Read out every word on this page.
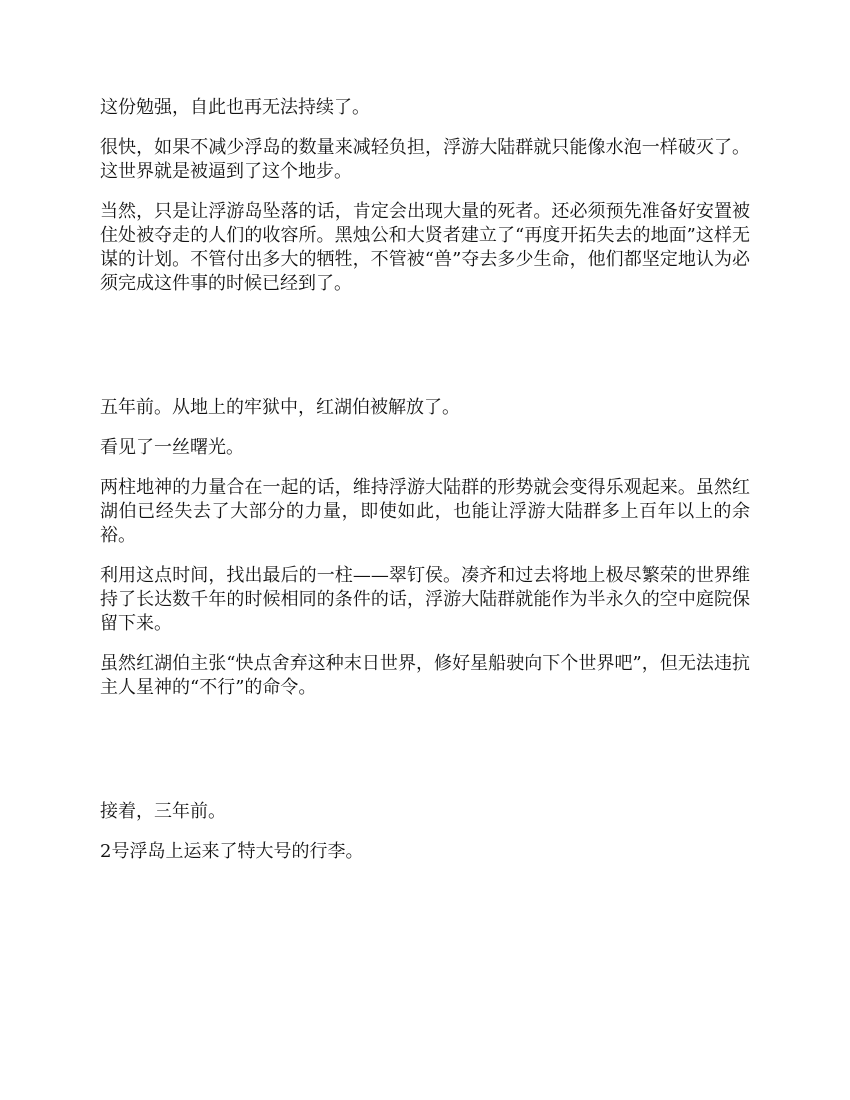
这份勉强，自此也再无法持续了。

很快，如果不减少浮岛的数量来减轻负担，浮游大陆群就只能像水泡一样破灭了。这世界就是被逼到了这个地步。

当然，只是让浮游岛坠落的话，肯定会出现大量的死者。还必须预先准备好安置被住处被夺走的人们的收容所。黑烛公和大贤者建立了“再度开拓失去的地面”这样无谋的计划。不管付出多大的牺牲，不管被“兽”夺去多少生命，他们都坚定地认为必须完成这件事的时候已经到了。

五年前。从地上的牢狱中，红湖伯被解放了。

看见了一丝曙光。

两柱地神的力量合在一起的话，维持浮游大陆群的形势就会变得乐观起来。虽然红湖伯已经失去了大部分的力量，即使如此，也能让浮游大陆群多上百年以上的余裕。

利用这点时间，找出最后的一柱——翠钉侯。凑齐和过去将地上极尽繁荣的世界维持了长达数千年的时候相同的条件的话，浮游大陆群就能作为半永久的空中庭院保留下来。

虽然红湖伯主张“快点舍弃这种末日世界，修好星船驶向下个世界吧”，但无法违抗主人星神的“不行”的命令。

接着，三年前。

2号浮岛上运来了特大号的行李。
